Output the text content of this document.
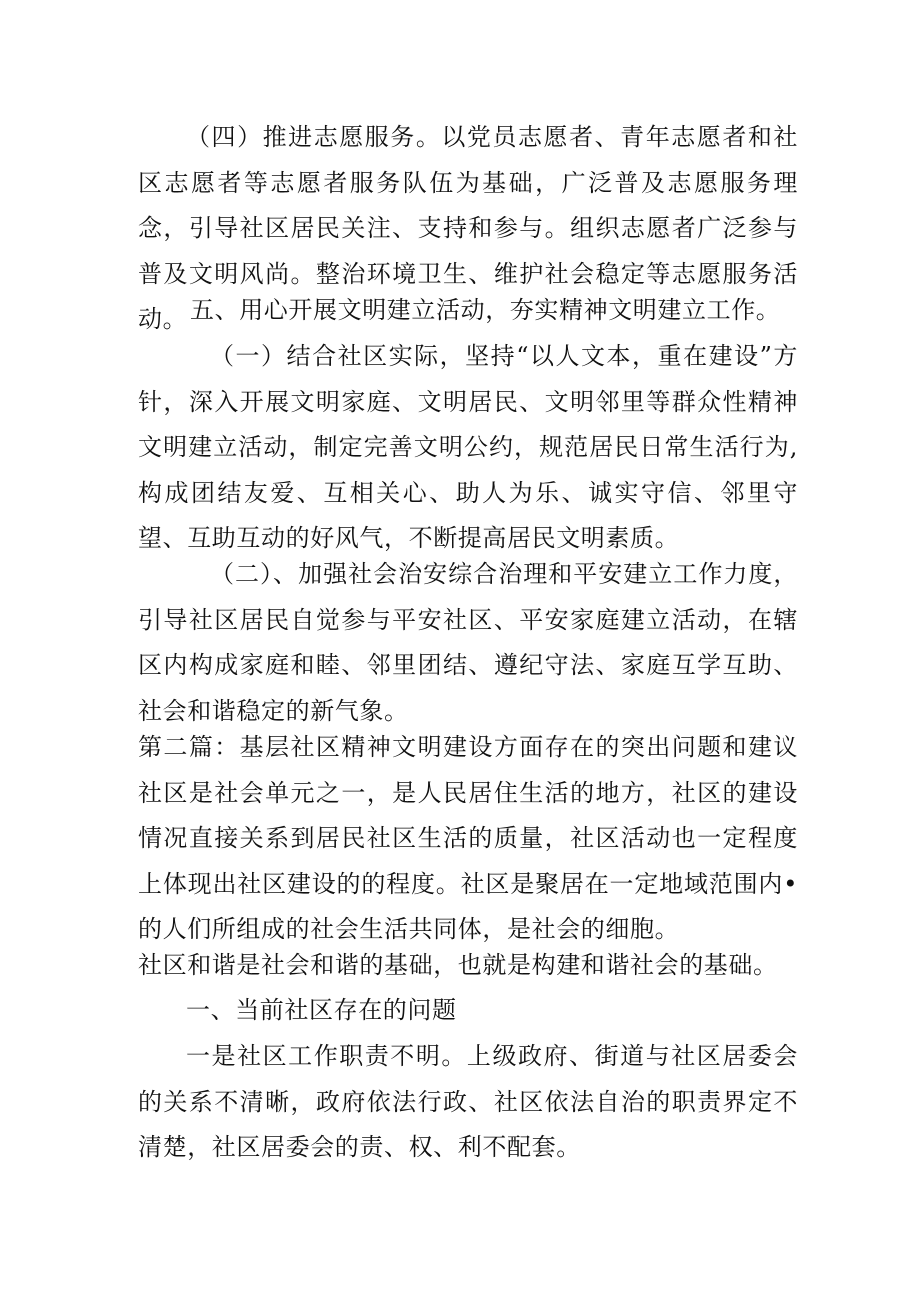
（四）推进志愿服务。以党员志愿者、青年志愿者和社区志愿者等志愿者服务队伍为基础，广泛普及志愿服务理念，引导社区居民关注、支持和参与。组织志愿者广泛参与普及文明风尚。整治环境卫生、维护社会稳定等志愿服务活动。 五、用心开展文明建立活动，夯实精神文明建立工作。

（一）结合社区实际，坚持“以人文本，重在建设”方针，深入开展文明家庭、文明居民、文明邻里等群众性精神文明建立活动，制定完善文明公约，规范居民日常生活行为,构成团结友爱、互相关心、助人为乐、诚实守信、邻里守望、互助互动的好风气，不断提高居民文明素质。

（二）、加强社会治安综合治理和平安建立工作力度，引导社区居民自觉参与平安社区、平安家庭建立活动，在辖区内构成家庭和睦、邻里团结、遵纪守法、家庭互学互助、社会和谐稳定的新气象。

第二篇：基层社区精神文明建设方面存在的突出问题和建议社区是社会单元之一，是人民居住生活的地方，社区的建设情况直接关系到居民社区生活的质量，社区活动也一定程度上体现出社区建设的的程度。社区是聚居在一定地域范围内•的人们所组成的社会生活共同体，是社会的细胞。

社区和谐是社会和谐的基础，也就是构建和谐社会的基础。

一、当前社区存在的问题

一是社区工作职责不明。上级政府、街道与社区居委会的关系不清晰，政府依法行政、社区依法自治的职责界定不清楚，社区居委会的责、权、利不配套。
